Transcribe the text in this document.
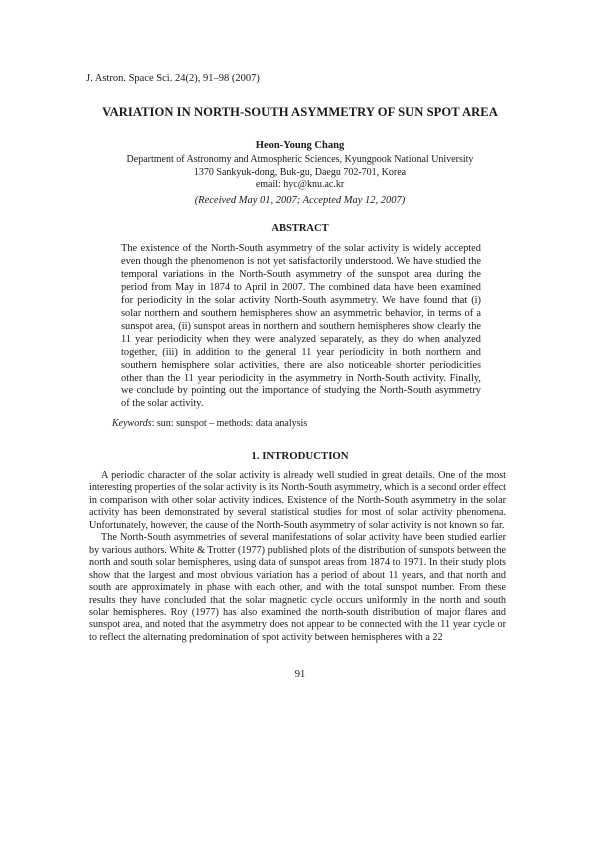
J. Astron. Space Sci. 24(2), 91–98 (2007)
VARIATION IN NORTH-SOUTH ASYMMETRY OF SUN SPOT AREA
Heon-Young Chang
Department of Astronomy and Atmospheric Sciences, Kyungpook National University
1370 Sankyuk-dong, Buk-gu, Daegu 702-701, Korea
email: hyc@knu.ac.kr
(Received May 01, 2007; Accepted May 12, 2007)
ABSTRACT

The existence of the North-South asymmetry of the solar activity is widely accepted even though the phenomenon is not yet satisfactorily understood. We have studied the temporal variations in the North-South asymmetry of the sunspot area during the period from May in 1874 to April in 2007. The combined data have been examined for periodicity in the solar activity North-South asymmetry. We have found that (i) solar northern and southern hemispheres show an asymmetric behavior, in terms of a sunspot area, (ii) sunspot areas in northern and southern hemispheres show clearly the 11 year periodicity when they were analyzed separately, as they do when analyzed together, (iii) in addition to the general 11 year periodicity in both northern and southern hemisphere solar activities, there are also noticeable shorter periodicities other than the 11 year periodicity in the asymmetry in North-South activity. Finally, we conclude by pointing out the importance of studying the North-South asymmetry of the solar activity.

Keywords: sun: sunspot – methods: data analysis
1. INTRODUCTION

A periodic character of the solar activity is already well studied in great details. One of the most interesting properties of the solar activity is its North-South asymmetry, which is a second order effect in comparison with other solar activity indices. Existence of the North-South asymmetry in the solar activity has been demonstrated by several statistical studies for most of solar activity phenomena. Unfortunately, however, the cause of the North-South asymmetry of solar activity is not known so far.

The North-South asymmetries of several manifestations of solar activity have been studied earlier by various authors. White & Trotter (1977) published plots of the distribution of sunspots between the north and south solar hemispheres, using data of sunspot areas from 1874 to 1971. In their study plots show that the largest and most obvious variation has a period of about 11 years, and that north and south are approximately in phase with each other, and with the total sunspot number. From these results they have concluded that the solar magnetic cycle occurs uniformly in the north and south solar hemispheres. Roy (1977) has also examined the north-south distribution of major flares and sunspot area, and noted that the asymmetry does not appear to be connected with the 11 year cycle or to reflect the alternating predomination of spot activity between hemispheres with a 22

91
